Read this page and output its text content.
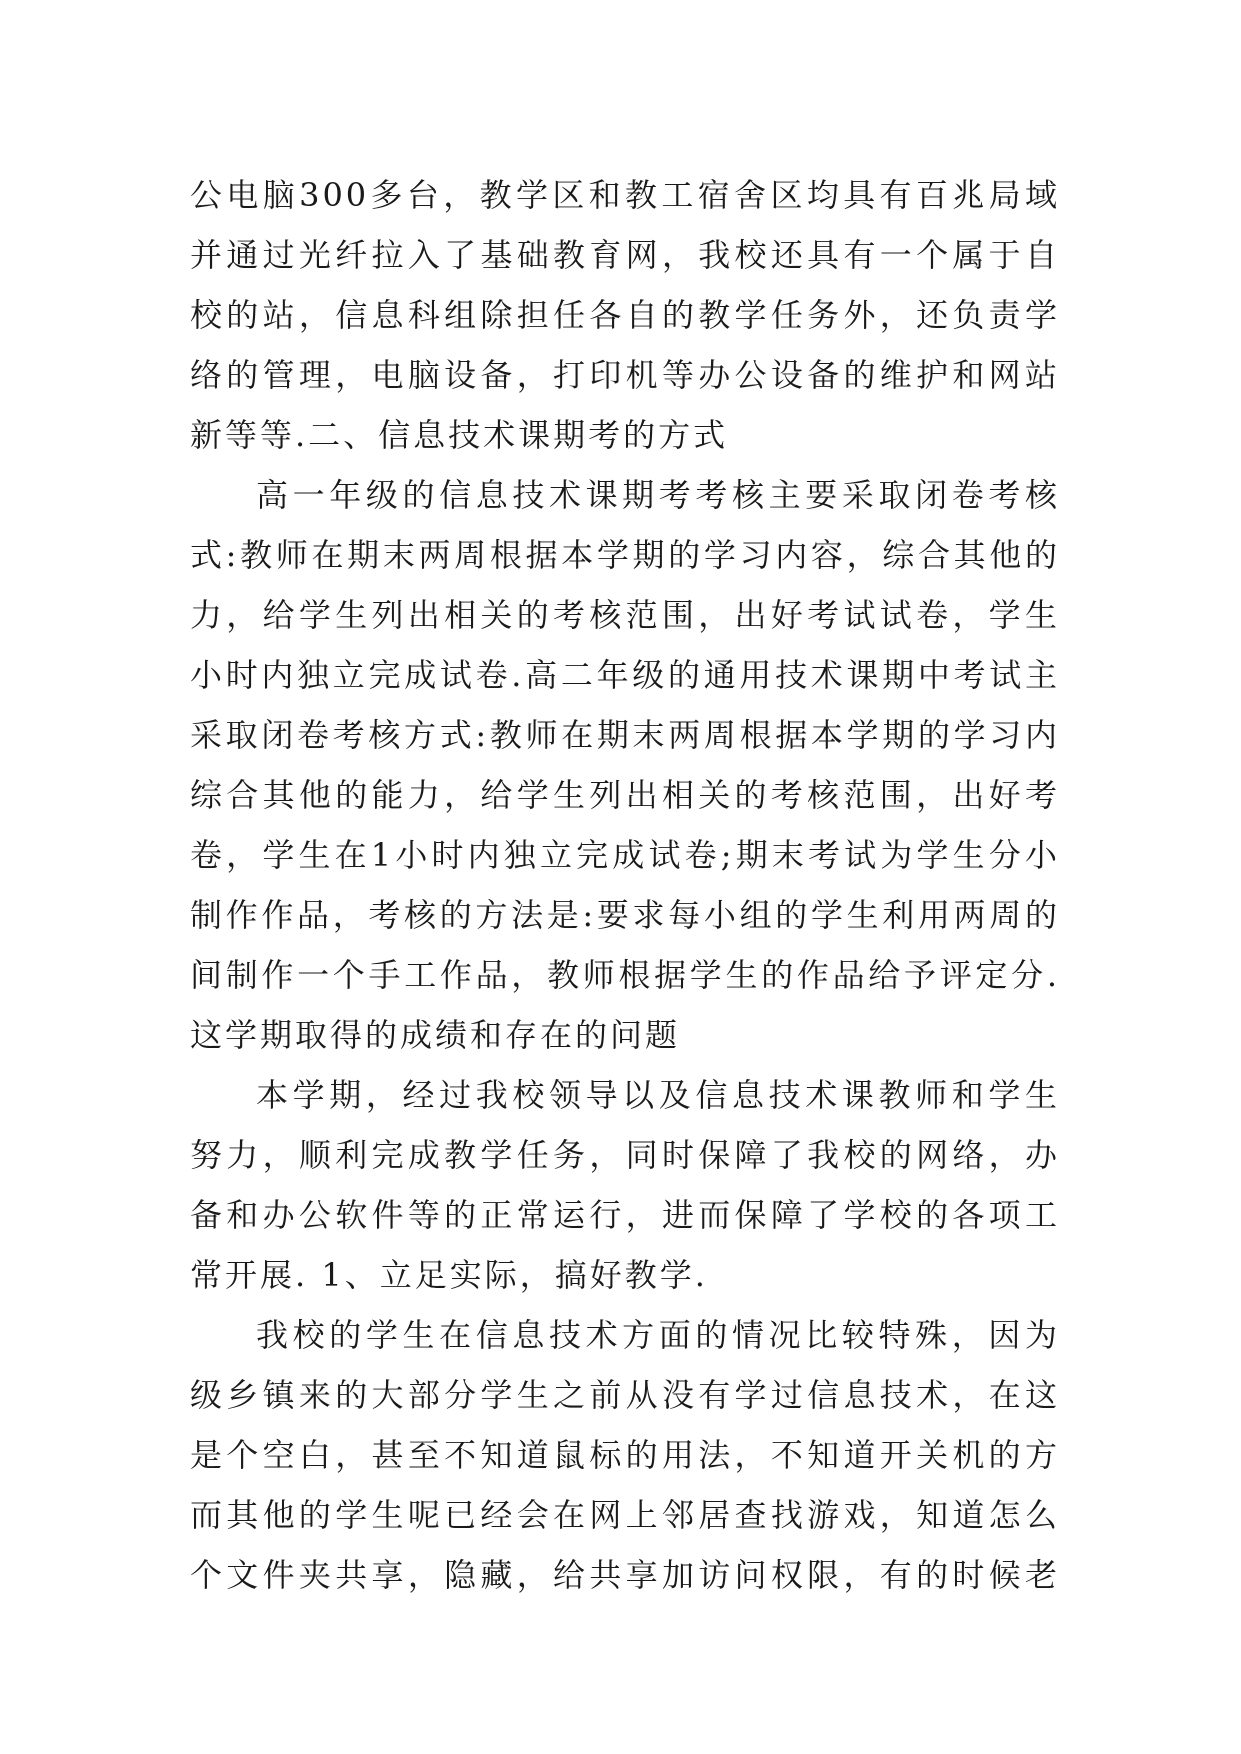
公电脑300多台，教学区和教工宿舍区均具有百兆局域
并通过光纤拉入了基础教育网，我校还具有一个属于自
校的站，信息科组除担任各自的教学任务外，还负责学
络的管理，电脑设备，打印机等办公设备的维护和网站
新等等.二、信息技术课期考的方式
高一年级的信息技术课期考考核主要采取闭卷考核
式:教师在期末两周根据本学期的学习内容，综合其他的
力，给学生列出相关的考核范围，出好考试试卷，学生
小时内独立完成试卷.高二年级的通用技术课期中考试主
采取闭卷考核方式:教师在期末两周根据本学期的学习内
综合其他的能力，给学生列出相关的考核范围，出好考
卷，学生在1小时内独立完成试卷;期末考试为学生分小
制作作品，考核的方法是:要求每小组的学生利用两周的
间制作一个手工作品，教师根据学生的作品给予评定分.
这学期取得的成绩和存在的问题
本学期，经过我校领导以及信息技术课教师和学生
努力，顺利完成教学任务，同时保障了我校的网络，办
备和办公软件等的正常运行，进而保障了学校的各项工
常开展. 1、立足实际，搞好教学.
我校的学生在信息技术方面的情况比较特殊，因为
级乡镇来的大部分学生之前从没有学过信息技术，在这
是个空白，甚至不知道鼠标的用法，不知道开关机的方
而其他的学生呢已经会在网上邻居查找游戏，知道怎么
个文件夹共享，隐藏，给共享加访问权限，有的时候老
